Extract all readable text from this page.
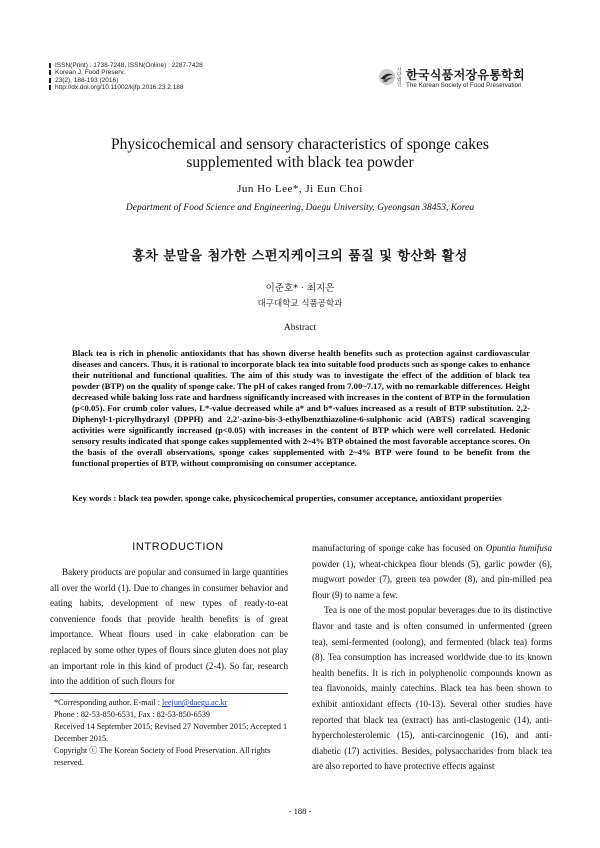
ISSN(Print) : 1738-7248, ISSN(Online) : 2287-7428
Korean J. Food Preserv.
23(2), 188-193 (2016)
http://dx.doi.org/10.11002/kjfp.2016.23.2.188
사단법인
한국식품저장유통학회
The Korean Society of Food Preservation
Physicochemical and sensory characteristics of sponge cakes
supplemented with black tea powder
Jun Ho Lee*, Ji Eun Choi
Department of Food Science and Engineering, Daegu University, Gyeongsan 38453, Korea
홍차 분말을 첨가한 스펀지케이크의 품질 및 항산화 활성
이준호* · 최지은
대구대학교 식품공학과
Abstract
Black tea is rich in phenolic antioxidants that has shown diverse health benefits such as protection against cardiovascular diseases and cancers. Thus, it is rational to incorporate black tea into suitable food products such as sponge cakes to enhance their nutritional and functional qualities. The aim of this study was to investigate the effect of the addition of black tea powder (BTP) on the quality of sponge cake. The pH of cakes ranged from 7.00~7.17, with no remarkable differences. Height decreased while baking loss rate and hardness significantly increased with increases in the content of BTP in the formulation (p<0.05). For crumb color values, L*-value decreased while a* and b*-values increased as a result of BTP substitution. 2,2-Diphenyl-1-picrylhydrazyl (DPPH) and 2,2'-azino-bis-3-ethylbenzthiazoline-6-sulphonic acid (ABTS) radical scavenging activities were significantly increased (p<0.05) with increases in the content of BTP which were well correlated. Hedonic sensory results indicated that sponge cakes supplemented with 2~4% BTP obtained the most favorable acceptance scores. On the basis of the overall observations, sponge cakes supplemented with 2~4% BTP were found to be benefit from the functional properties of BTP, without compromising on consumer acceptance.
Key words : black tea powder, sponge cake, physicochemical properties, consumer acceptance, antioxidant properties
INTRODUCTION

Bakery products are popular and consumed in large quantities all over the world (1). Due to changes in consumer behavior and eating habits, development of new types of ready-to-eat convenience foods that provide health benefits is of great importance. Wheat flours used in cake elaboration can be replaced by some other types of flours since gluten does not play an important role in this kind of product (2-4). So far, research into the addition of such flours for

manufacturing of sponge cake has focused on Opuntia humifusa powder (1), wheat-chickpea flour blends (5), garlic powder (6), mugwort powder (7), green tea powder (8), and pin-milled pea flour (9) to name a few.

Tea is one of the most popular beverages due to its distinctive flavor and taste and is often consumed in unfermented (green tea), semi-fermented (oolong), and fermented (black tea) forms (8). Tea consumption has increased worldwide due to its known health benefits. It is rich in polyphenolic compounds known as tea flavonoids, mainly catechins. Black tea has been shown to exhibit antioxidant effects (10-13). Several other studies have reported that black tea (extract) has anti-clastogenic (14), anti-hypercholesterolemic (15), anti-carcinogenic (16), and anti-diabetic (17) activities. Besides, polysaccharides from black tea are also reported to have protective effects against

*Corresponding author. E-mail : leejun@daegu.ac.kr

Phone : 82-53-850-6531, Fax : 82-53-850-6539

Received 14 September 2015; Revised 27 November 2015; Accepted 1 December 2015.

Copyright ⓒ The Korean Society of Food Preservation. All rights reserved.

- 188 -
